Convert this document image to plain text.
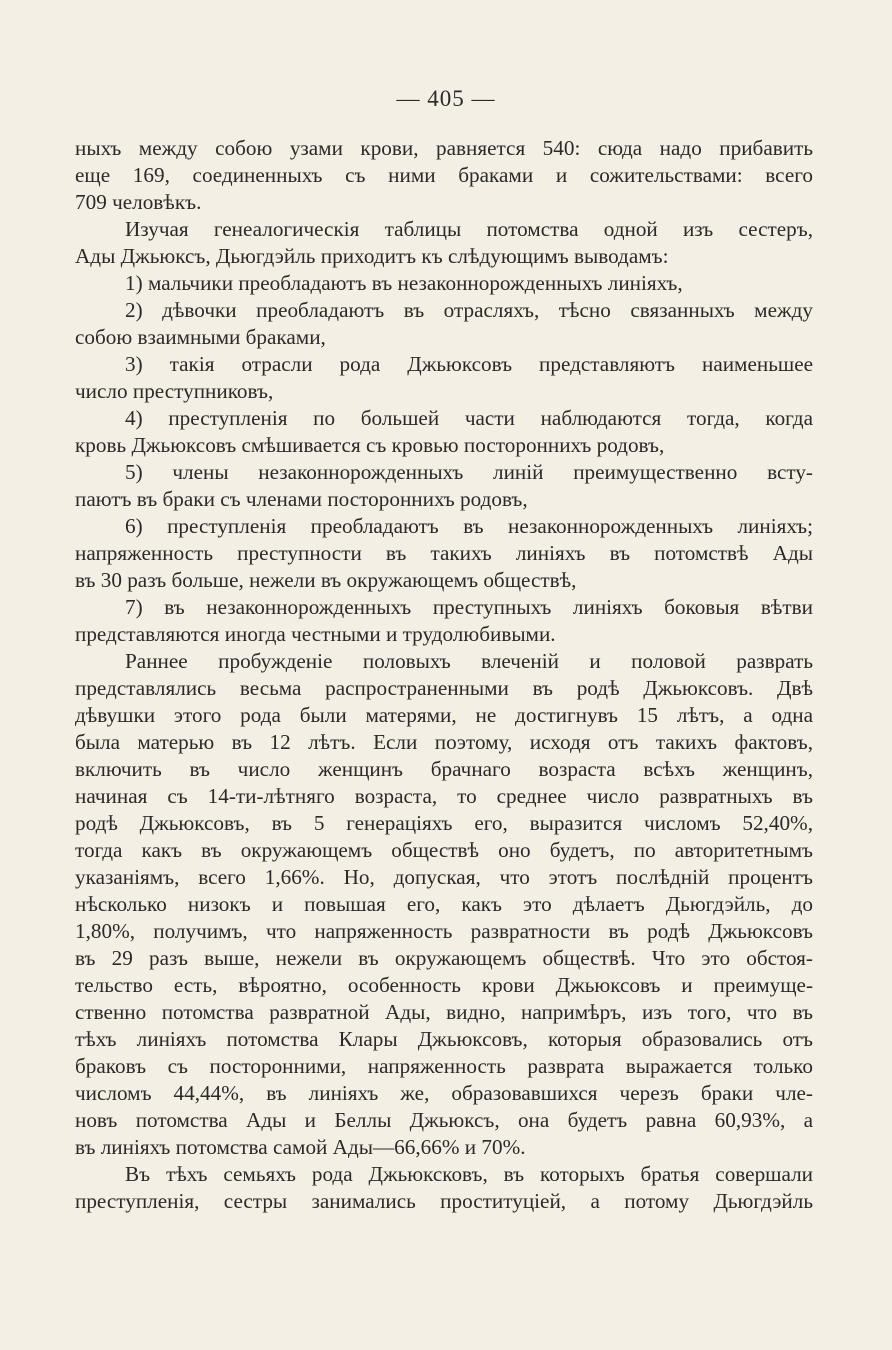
— 405 —
ныхъ между собою узами крови, равняется 540: сюда надо прибавить
еще 169, соединенныхъ съ ними браками и сожительствами: всего
709 человѣкъ.
Изучая генеалогическія таблицы потомства одной изъ сестеръ,
Ады Джьюксъ, Дьюгдэйль приходитъ къ слѣдующимъ выводамъ:
1) мальчики преобладаютъ въ незаконнорожденныхъ линіяхъ,
2) дѣвочки преобладаютъ въ отрасляхъ, тѣсно связанныхъ между
собою взаимными браками,
3) такія отрасли рода Джьюксовъ представляютъ наименьшее
число преступниковъ,
4) преступленія по большей части наблюдаются тогда, когда
кровь Джьюксовъ смѣшивается съ кровью постороннихъ родовъ,
5) члены незаконнорожденныхъ линій преимущественно всту-
паютъ въ браки съ членами постороннихъ родовъ,
6) преступленія преобладаютъ въ незаконнорожденныхъ линіяхъ;
напряженность преступности въ такихъ линіяхъ въ потомствѣ Ады
въ 30 разъ больше, нежели въ окружающемъ обществѣ,
7) въ незаконнорожденныхъ преступныхъ линіяхъ боковыя вѣтви
представляются иногда честными и трудолюбивыми.
Раннее пробужденіе половыхъ влеченій и половой разврать
представлялись весьма распространенными въ родѣ Джьюксовъ. Двѣ
дѣвушки этого рода были матерями, не достигнувъ 15 лѣтъ, а одна
была матерью въ 12 лѣтъ. Если поэтому, исходя отъ такихъ фактовъ,
включить въ число женщинъ брачнаго возраста всѣхъ женщинъ,
начиная съ 14-ти-лѣтняго возраста, то среднее число развратныхъ въ
родѣ Джьюксовъ, въ 5 генераціяхъ его, выразится числомъ 52,40%,
тогда какъ въ окружающемъ обществѣ оно будетъ, по авторитетнымъ
указаніямъ, всего 1,66%. Но, допуская, что этотъ послѣдній процентъ
нѣсколько низокъ и повышая его, какъ это дѣлаетъ Дьюгдэйль, до
1,80%, получимъ, что напряженность развратности въ родѣ Джьюксовъ
въ 29 разъ выше, нежели въ окружающемъ обществѣ. Что это обстоя-
тельство есть, вѣроятно, особенность крови Джьюксовъ и преимуще-
ственно потомства развратной Ады, видно, напримѣръ, изъ того, что въ
тѣхъ линіяхъ потомства Клары Джьюксовъ, которыя образовались отъ
браковъ съ посторонними, напряженность разврата выражается только
числомъ 44,44%, въ линіяхъ же, образовавшихся черезъ браки чле-
новъ потомства Ады и Беллы Джьюксъ, она будетъ равна 60,93%, а
въ линіяхъ потомства самой Ады—66,66% и 70%.
Въ тѣхъ семьяхъ рода Джьюксковъ, въ которыхъ братья совершали
преступленія, сестры занимались проституціей, а потому Дьюгдэйль
